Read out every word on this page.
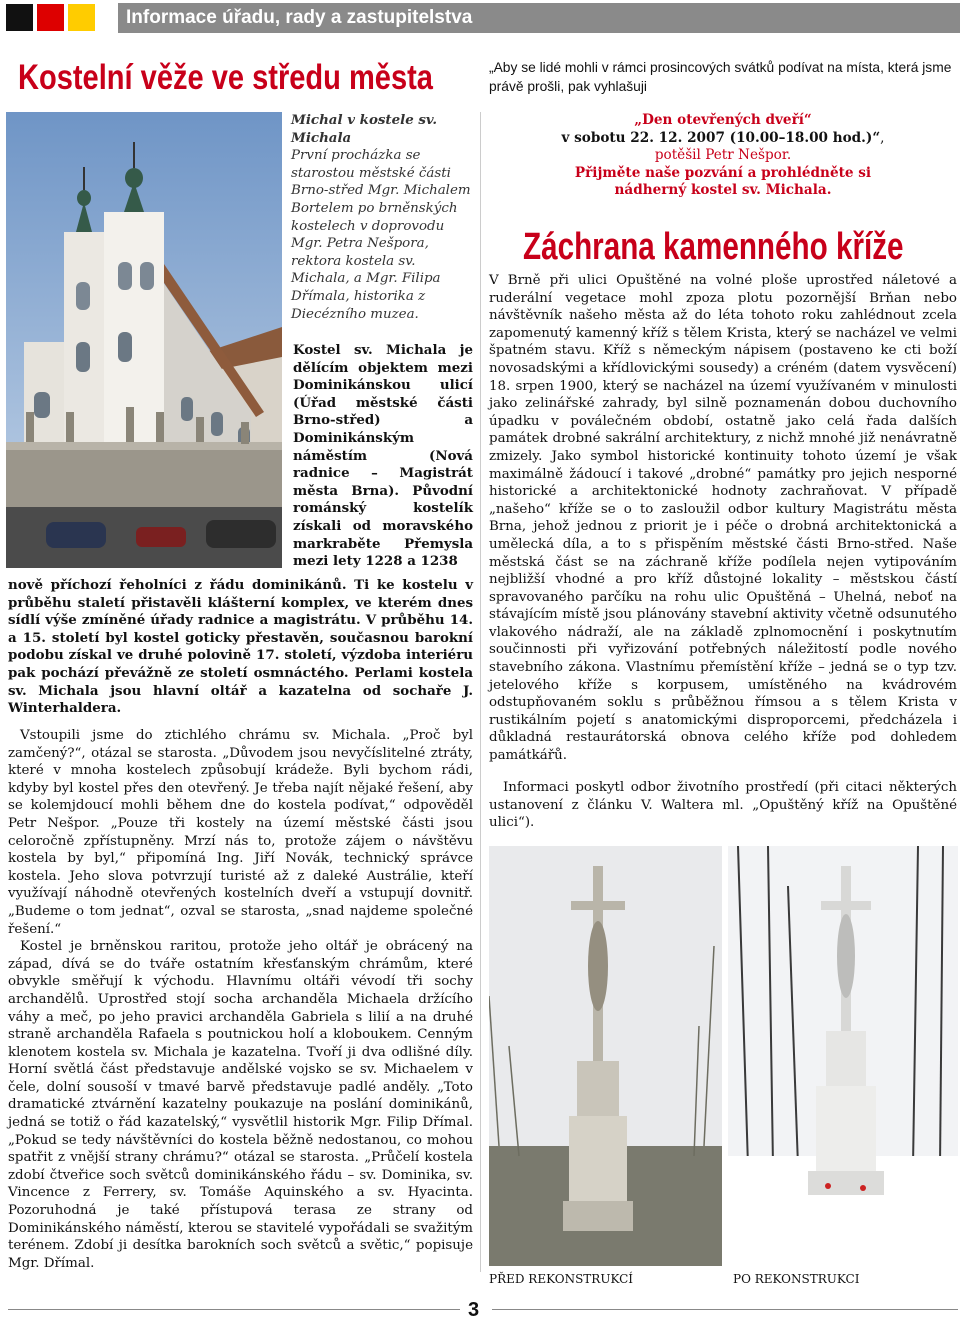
Informace úřadu, rady a zastupitelstva
Kostelní věže ve středu města
Michal v kostele sv. Michala
První procházka se starostou městské části Brno-střed Mgr. Michalem Bortelem po brněnských kostelech v doprovodu Mgr. Petra Nešpora, rektora kostela sv. Michala, a Mgr. Filipa Dřímala, historika z Diecézního muzea.

Kostel sv. Michala je dělícím objektem mezi Dominikánskou ulicí (Úřad městské části Brno-střed) a Dominikánským náměstím (Nová radnice – Magistrát města Brna). Původní románský kostelík získali od moravského markraběte Přemysla mezi lety 1228 a 1238

nově příchozí řeholníci z řádu dominikánů. Ti ke kostelu v průběhu staletí přistavěli klášterní komplex, ve kterém dnes sídlí výše zmíněné úřady radnice a magistrátu. V průběhu 14. a 15. století byl kostel goticky přestavěn, současnou barokní podobu získal ve druhé polovině 17. století, výzdoba interiéru pak pochází převážně ze století osmnáctého. Perlami kostela sv. Michala jsou hlavní oltář a kazatelna od sochaře J. Winterhaldera.

Vstoupili jsme do ztichlého chrámu sv. Michala. „Proč byl zamčený?“, otázal se starosta. „Důvodem jsou nevyčíslitelné ztráty, které v mnoha kostelech způsobují krádeže. Byli bychom rádi, kdyby byl kostel přes den otevřený. Je třeba najít nějaké řešení, aby se kolemjdoucí mohli během dne do kostela podívat,“ odpověděl Petr Nešpor. „Pouze tři kostely na území městské části jsou celoročně zpřístupněny. Mrzí nás to, protože zájem o návštěvu kostela by byl,“ připomíná Ing. Jiří Novák, technický správce kostela. Jeho slova potvrzují turisté až z daleké Austrálie, kteří využívají náhodně otevřených kostelních dveří a vstupují dovnitř. „Budeme o tom jednat“, ozval se starosta, „snad najdeme společné řešení.“

Kostel je brněnskou raritou, protože jeho oltář je obrácený na západ, dívá se do tváře ostatním křesťanským chrámům, které obvykle směřují k východu. Hlavnímu oltáři vévodí tři sochy archandělů. Uprostřed stojí socha archanděla Michaela držícího váhy a meč, po jeho pravici archanděla Gabriela s lilií a na druhé straně archanděla Rafaela s poutnickou holí a kloboukem. Cenným klenotem kostela sv. Michala je kazatelna. Tvoří ji dva odlišné díly. Horní světlá část představuje andělské vojsko se sv. Michaelem v čele, dolní sousoší v tmavé barvě představuje padlé anděly. „Toto dramatické ztvárnění kazatelny poukazuje na poslání dominikánů, jedná se totiž o řád kazatelský,“ vysvětlil historik Mgr. Filip Dřímal. „Pokud se tedy návštěvníci do kostela běžně nedostanou, co mohou spatřit z vnější strany chrámu?“ otázal se starosta. „Průčelí kostela zdobí čtveřice soch světců dominikánského řádu – sv. Dominika, sv. Vincence z Ferrery, sv. Tomáše Aquinského a sv. Hyacinta. Pozoruhodná je také přístupová terasa ze strany od Dominikánského náměstí, kterou se stavitelé vypořádali se svažitým terénem. Zdobí ji desítka barokních soch světců a světic,“ popisuje Mgr. Dřímal.

„Aby se lidé mohli v rámci prosincových svátků podívat na místa, která jsme právě prošli, pak vyhlašuji

„Den otevřených dveří“
v sobotu 22. 12. 2007 (10.00–18.00 hod.)“,
potěšil Petr Nešpor.
Přijměte naše pozvání a prohlédněte si nádherný kostel sv. Michala.
Záchrana kamenného kříže

V Brně při ulici Opuštěné na volné ploše uprostřed náletové a ruderální vegetace mohl zpoza plotu pozornější Brňan nebo návštěvník našeho města až do léta tohoto roku zahlédnout zcela zapomenutý kamenný kříž s tělem Krista, který se nacházel ve velmi špatném stavu. Kříž s německým nápisem (postaveno ke cti boží novosadskými a křídlovickými sousedy) a créném (datem vysvěcení) 18. srpen 1900, který se nacházel na území využívaném v minulosti jako zelinářské zahrady, byl silně poznamenán dobou duchovního úpadku v poválečném období, ostatně jako celá řada dalších památek drobné sakrální architektury, z nichž mnohé již nenávratně zmizely. Jako symbol historické kontinuity tohoto území je však maximálně žádoucí i takové „drobné“ památky pro jejich nesporné historické a architektonické hodnoty zachraňovat. V případě „našeho“ kříže se o to zasloužil odbor kultury Magistrátu města Brna, jehož jednou z priorit je i péče o drobná architektonická a umělecká díla, a to s přispěním městské části Brno-střed. Naše městská část se na záchraně kříže podílela nejen vytipováním nejbližší vhodné a pro kříž důstojné lokality – městskou částí spravovaného parčíku na rohu ulic Opuštěná – Uhelná, neboť na stávajícím místě jsou plánovány stavební aktivity včetně odsunutého vlakového nádraží, ale na základě zplnomocnění i poskytnutím součinnosti při vyřizování potřebných náležitostí podle nového stavebního zákona. Vlastnímu přemístění kříže – jedná se o typ tzv. jetelového kříže s korpusem, umístěného na kvádrovém odstupňovaném soklu s průběžnou římsou a s tělem Krista v rustikálním pojetí s anatomickými disproporcemi, předcházela i důkladná restaurátorská obnova celého kříže pod dohledem památkářů.

Informaci poskytl odbor životního prostředí (při citaci některých ustanovení z článku V. Waltera ml. „Opuštěný kříž na Opuštěné ulici“).

PŘED REKONSTRUKCÍ	PO REKONSTRUKCI
3
